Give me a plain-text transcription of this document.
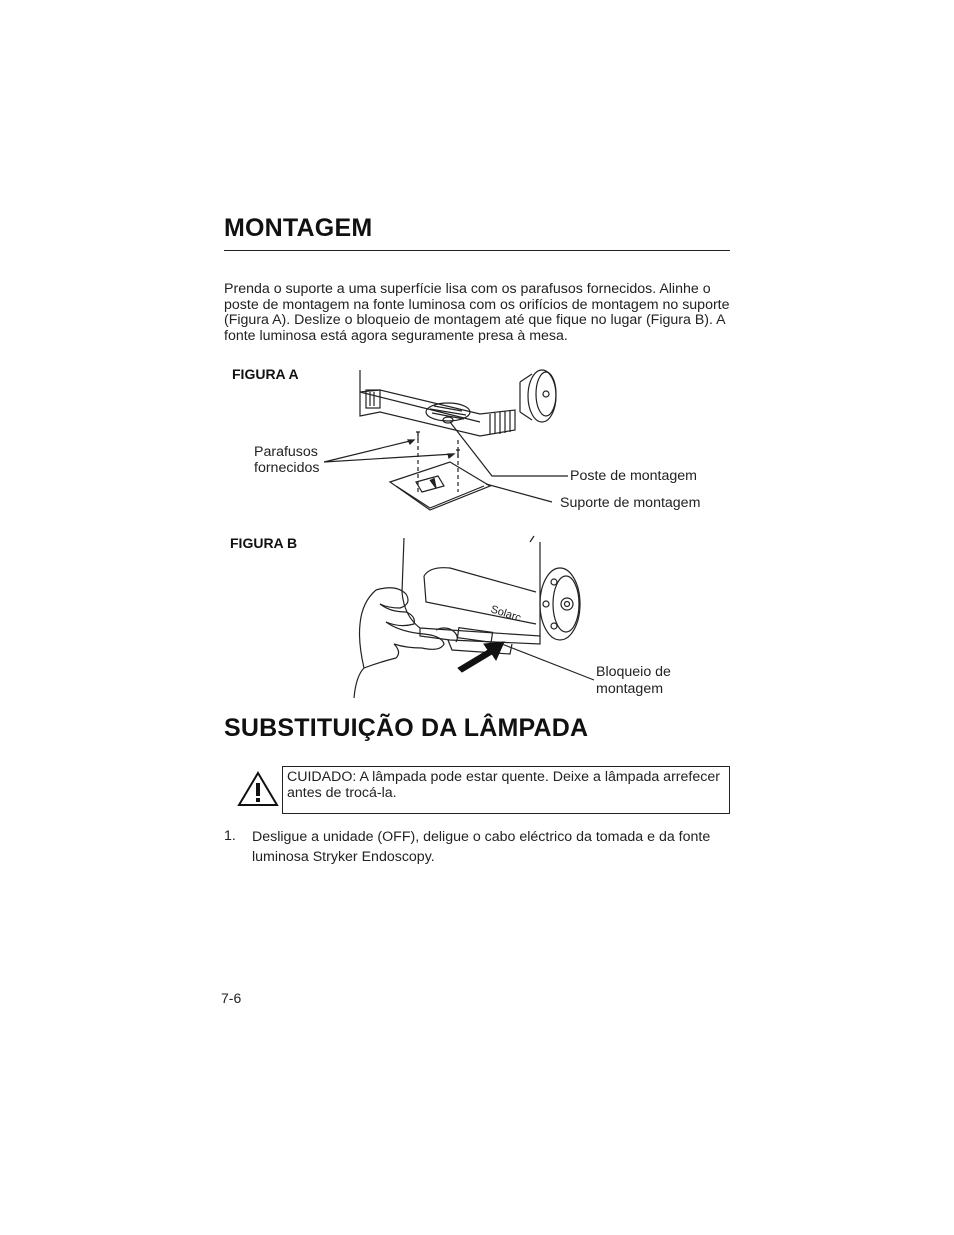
MONTAGEM
Prenda o suporte a uma superfície lisa com os parafusos fornecidos. Alinhe o poste de montagem na fonte luminosa com os orifícios de montagem no suporte (Figura A). Deslize o bloqueio de montagem até que fique no lugar (Figura B). A fonte luminosa está agora seguramente presa à mesa.
FIGURA A
Parafusos
fornecidos	Poste de montagem
Suporte de montagem
FIGURA B
Bloqueio de
montagem
Solarc
SUBSTITUIÇÃO DA LÂMPADA
CUIDADO: A lâmpada pode estar quente. Deixe a lâmpada arrefecer antes de trocá-la.
1. Desligue a unidade (OFF), deligue o cabo eléctrico da tomada e da fonte luminosa Stryker Endoscopy.
7-6
